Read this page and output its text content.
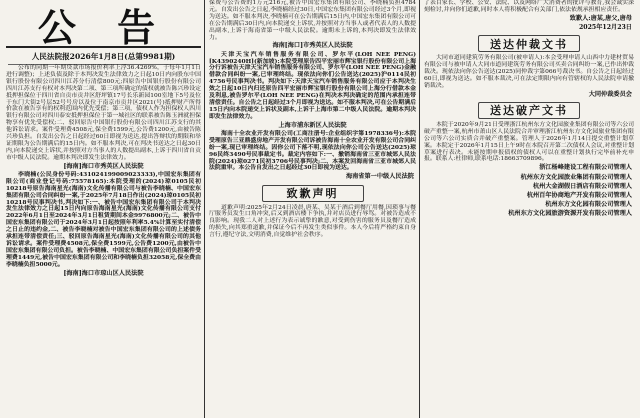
公 告
人民法院报2026年1月8日(总第9981期)

公布的同期一年期贷款市场报价利率上浮36.4269%，于每年1月1日进行调整)；上述负债及除于本判决发生法律效力之日起10日内向股东中国银行股份有限公司四川江苏分行清偿800元;四原告中国银行股份有限公司四川江苏支行有权对本判决第二项、第三项所确定的债权就被告陈兴珍设定抵押担保位于四川省自贡市贡井区舒坪镇17号长乐新园100室地下5号及位于东门大街2号层52号号房以及位于南京市贡井区2021(号)抵押财产所得价款在被告享有的权利范围内优先受偿；第三项，债权人作为担保权人四川银行有限公司对四川泰安抵押担保位于第一城社区的联系被告陈玉洲就担保物享有优先受偿权;二、驳回原告中国银行股份有限公司四川江苏支行的其他诉讼请求。案件受理费4508元,保全费1599元,公告费1200元,由被告陈兴珍负担。自发出公告之日起经过60日即视为送达,提出答辩状的期限和举证期限为公告期满后的15日内。如不服本判决,可在判决书送达之日起30日内,向本院递交上诉状,并按照对方当事人的人数提出副本,上诉于四川省自贡市中级人民法院。逾期本判决即发生法律效力。

[海南]海口市秀英区人民法院

李晓楠(公民身份号码:431024199009023333),中国宏东集团有限公司(商业登记号码:75578165):本院受理的(2024)琼0105民初10218号原告海南星光(海南)文化传播有限公司与被告李晓楠、中国宏东集团有限公司合同纠纷一案,于2025年7月18日作出(2024)琼0105民初10218号民事判决书,判决如下:一、被告中国宏东集团有限公司于本判决发生法律效力之日起15日内向原告海南星光(海南)文化传播有限公司支付2022年6月1日至2024年3月1日租赁期间本金9976800元;二、被告中国宏东集团有限公司于2024年3月1日起按照年利率5.4%计算至实付清偿之日止的违约金,二、被告李晓楠对被告中国宏东集团有限公司的上述债务承担连带清偿责任;三、驳回原告海南星光(海南)文化传播有限公司的其他诉讼请求。案件受理费4508元,保全费1599元,公告费1200元,由被告中国宏东集团有限公司负担。被告李晓楠、中国宏东集团有限公司负担案件受理费1449元,被告中国宏东集团有限公司和李晓楠负担32058元,保全费由李晓楠负担5000元。

[海南]海口市琼山区人民法院

保费与公告费的1万元216元,被告中国宏东集团有限公司、李晓楠负担4784元。自发出公告之日起,李晓楠经过30日,中国宏东集团有限公司经过3个月,即视为送达。如不服本判决,李晓楠可在公告期满后15日内,中国宏东集团有限公司可在公告期满后30日内,向本院递交上诉状,并按照对方当事人或者代表人的人数提出副本,上诉于海南省第一中级人民法院。逾期未上诉的,本判决即发生法律效力。

海南[海口]市秀英区人民法院

天津天宝汽车销售服务有限公司、罗尔平(LOH NEE PENG)[K4390240H](新加坡):本院受理原告四平宏丽市辉宝银行股份有限公司上海分行诉被告天津天宝汽车销售服务有限公司、罗尔平(LOH NEE PENG)金融借款合同纠纷一案,已审理终结。现依法向你们公告送达(2025)沪0114民初4756号民事判决书。判决如下:天津天宝汽车销售服务有限公司应于本判决生效之日起10日内归还原告四平宏丽市辉宝银行股份有限公司上海分行借款本金及利息,被告罗尔平(LOH NEE PENG)在判决本判决确定的范围内承担连带清偿责任。自公告之日起经过3个月即视为送达。如不服本判决,可在公告期满后15日内向本院递交上诉状及副本,上诉于上海市第二中级人民法院。逾期本判决即发生法律效力。

上海市浦东新区人民法院

海南十全农业开发有限公司(工商注册号:企业组织字第1978336号):本院受理原告三亚鼎盛房地产开发有限公司诉被告海南十全农业开发有限公司合同纠纷一案,现已审理终结。因你公司下落不明,现依法向你公司公告送达(2025)琼96民终3490号民事裁定书。裁定内容如下:一、撤销海南省三亚市城郊人民法院(2024)琼0271民初3706号民事判决;二、本案发回海南省三亚市城郊人民法院重审。本公告自发出之日起经过30日即视为送达。

海南省第一中级人民法院
致歉声明

道歉声明:2025年2月24日凌晨,唐某、吴某于酒后到餐厅用餐,因琐事与餐厅服务员发生口角冲突,后又到酒店楼下争执,并对店员进行辱骂。对被告造成不良影响。现我二人对上述行为表示诚挚的歉意,对受到伤害的服务员及餐厅造成的损失,向其郑重道歉,并保证今后不再发生类似事件。本人今后将严格约束自身言行,遵纪守法,文明消费,自觉维护社会秩序。

了表目家长、学校、公安、法院、以及网络广大消费者的批评与教育,我会诚实深刻检讨,并向你们道歉,同时本人将积极配合有关部门,依法依规承担相应责任。

致歉人:唐某,唐父,唐母
2025年12月23日
送达仲裁文书

大同市道同建筑劳务有限公司(被申请人):本会受理申请人山西中力建材贸易有限公司与被申请人大同市道同建筑劳务有限公司买卖合同纠纷一案,已作出仲裁裁决。现依法向你公告送达(2025)同仲裁字第066号裁决书。自公告之日起经过60日,即视为送达。如不服本裁决,可在法定期限内向有管辖权的人民法院申请撤销裁决。

大同仲裁委员会
送达破产文书

本院于2020年9月21日受理浙江杭州东方文化园旅业集团有限公司等六公司破产重整一案,杭州市萧山区人民法院合并审理浙江杭州东方文化园旅业集团有限公司等六公司实质合并破产重整案。管理人于2026年1月14日提交重整计划草案。本院定于2026年1月15日上午9时在本院召开第二次债权人会议,对重整计划草案进行表决。未能按期申报债权的债权人可以在重整计划执行完毕前补充申报。联系人:杜律师,联系电话:18663709896。

浙江杨峰建设工程有限公司管理人
杭州东方文化园旅业集团有限公司管理人
杭州大金湖假日酒店有限公司管理人
杭州百年协商地产开发有限公司管理人
杭州东方文化园有限公司管理人
杭州东方文化园旅游资源开发有限公司管理人
